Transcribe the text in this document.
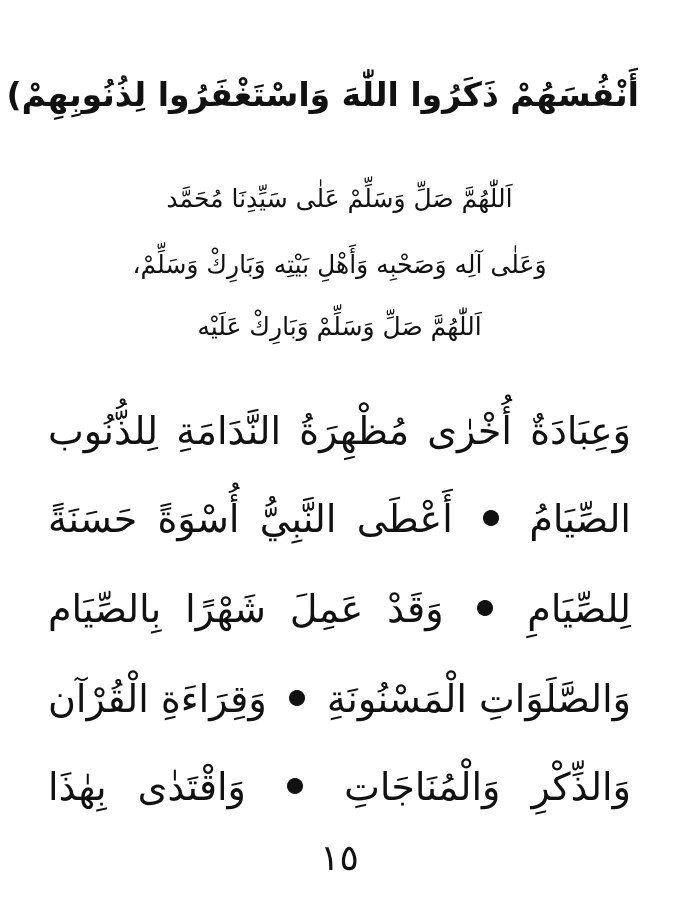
أَنْفُسَهُمْ ذَكَرُوا اللّٰهَ وَاسْتَغْفَرُوا لِذُنُوبِهِمْ)
اَللّٰهُمَّ صَلِّ وَسَلِّمْ عَلٰى سَيِّدِنَا مُحَمَّد
وَعَلٰى آلِه وَصَحْبِه وَأَهْلِ بَيْتِه وَبَارِكْ وَسَلِّمْ،
اَللّٰهُمَّ صَلِّ وَسَلِّمْ وَبَارِكْ عَلَيْه
وَعِبَادَةٌ أُخْرٰى مُظْهِرَةُ النَّدَامَةِ لِلذُّنُوب
الصِّيَامُ  أَعْطَى النَّبِيُّ أُسْوَةً حَسَنَةً
لِلصِّيَامِ  وَقَدْ عَمِلَ شَهْرًا بِالصِّيَام
وَالصَّلَوَاتِ الْمَسْنُونَةِ  وَقِرَاءَةِ الْقُرْآن
وَالذِّكْرِ وَالْمُنَاجَاتِ  وَاقْتَدٰى بِهٰذَا
١٥
